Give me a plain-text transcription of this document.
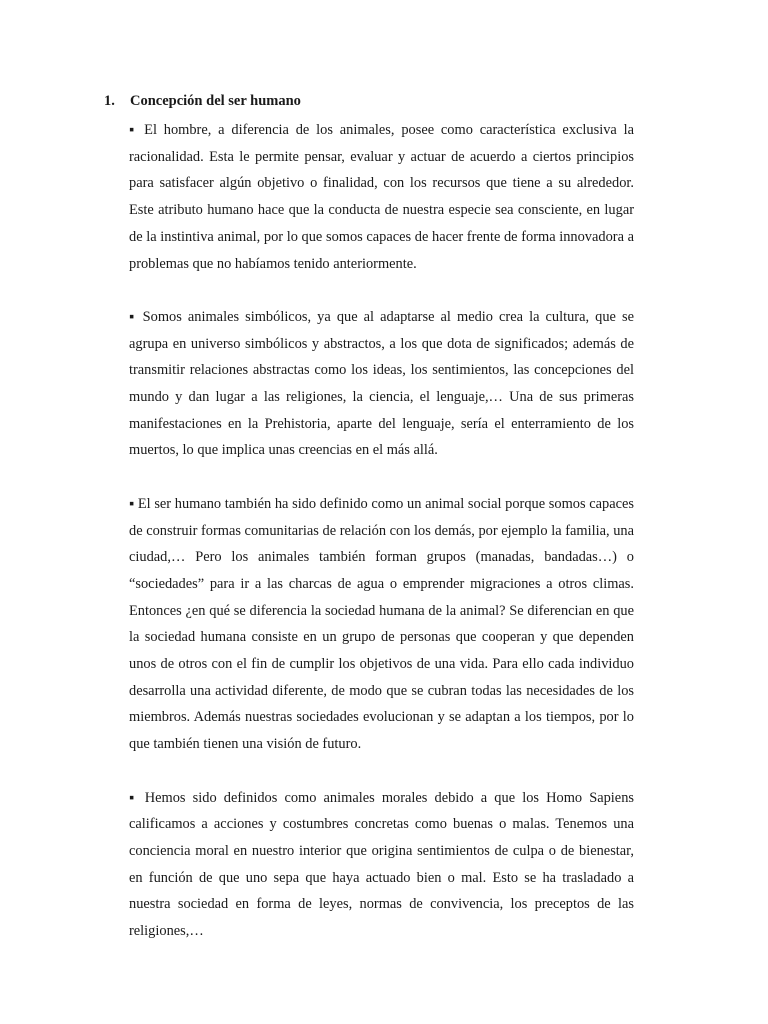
1. Concepción del ser humano

▪ El hombre, a diferencia de los animales, posee como característica exclusiva la racionalidad. Esta le permite pensar, evaluar y actuar de acuerdo a ciertos principios para satisfacer algún objetivo o finalidad, con los recursos que tiene a su alrededor. Este atributo humano hace que la conducta de nuestra especie sea consciente, en lugar de la instintiva animal, por lo que somos capaces de hacer frente de forma innovadora a problemas que no habíamos tenido anteriormente.

▪ Somos animales simbólicos, ya que al adaptarse al medio crea la cultura, que se agrupa en universo simbólicos y abstractos, a los que dota de significados; además de transmitir relaciones abstractas como los ideas, los sentimientos, las concepciones del mundo y dan lugar a las religiones, la ciencia, el lenguaje,… Una de sus primeras manifestaciones en la Prehistoria, aparte del lenguaje, sería el enterramiento de los muertos, lo que implica unas creencias en el más allá.

▪ El ser humano también ha sido definido como un animal social porque somos capaces de construir formas comunitarias de relación con los demás, por ejemplo la familia, una ciudad,… Pero los animales también forman grupos (manadas, bandadas…) o “sociedades” para ir a las charcas de agua o emprender migraciones a otros climas. Entonces ¿en qué se diferencia la sociedad humana de la animal? Se diferencian en que la sociedad humana consiste en un grupo de personas que cooperan y que dependen unos de otros con el fin de cumplir los objetivos de una vida. Para ello cada individuo desarrolla una actividad diferente, de modo que se cubran todas las necesidades de los miembros. Además nuestras sociedades evolucionan y se adaptan a los tiempos, por lo que también tienen una visión de futuro.

▪ Hemos sido definidos como animales morales debido a que los Homo Sapiens calificamos a acciones y costumbres concretas como buenas o malas. Tenemos una conciencia moral en nuestro interior que origina sentimientos de culpa o de bienestar, en función de que uno sepa que haya actuado bien o mal. Esto se ha trasladado a nuestra sociedad en forma de leyes, normas de convivencia, los preceptos de las religiones,…
